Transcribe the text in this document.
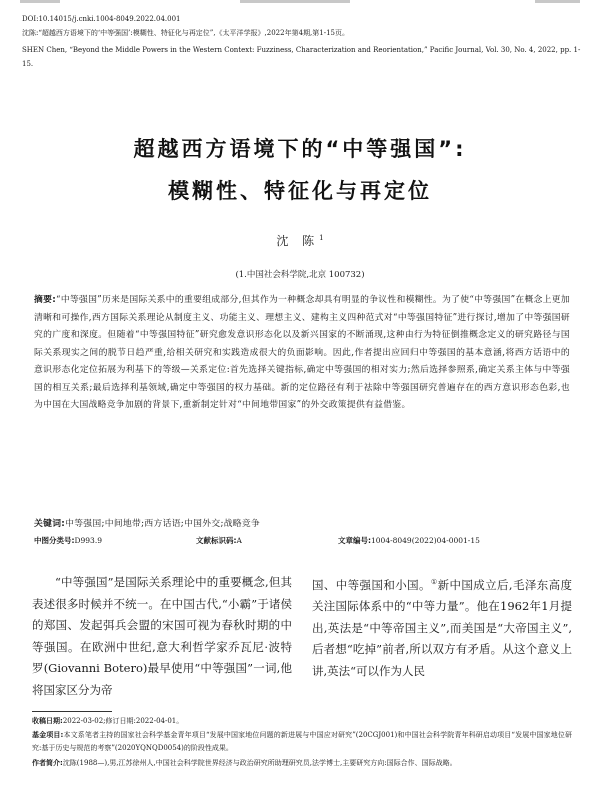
DOI:10.14015/j.cnki.1004-8049.2022.04.001
沈陈:“超越西方语境下的‘中等强国’:模糊性、特征化与再定位”,《太平洋学报》,2022年第4期,第1-15页。
SHEN Chen, “Beyond the Middle Powers in the Western Context: Fuzziness, Characterization and Reorientation,” Pacific Journal, Vol. 30, No. 4, 2022, pp. 1-15.
超越西方语境下的“中等强国”:
模糊性、特征化与再定位
沈 陈$^1$
(1.中国社会科学院,北京 100732)
摘要:“中等强国”历来是国际关系中的重要组成部分,但其作为一种概念却具有明显的争议性和模糊性。为了使“中等强国”在概念上更加清晰和可操作,西方国际关系理论从制度主义、功能主义、理想主义、建构主义四种范式对“中等强国特征”进行探讨,增加了中等强国研究的广度和深度。但随着“中等强国特征”研究愈发意识形态化以及新兴国家的不断涌现,这种由行为特征倒推概念定义的研究路径与国际关系现实之间的脱节日趋严重,给相关研究和实践造成很大的负面影响。因此,作者提出应回归中等强国的基本意涵,将西方话语中的意识形态化定位拓展为利基下的等级—关系定位:首先选择关键指标,确定中等强国的相对实力;然后选择参照系,确定关系主体与中等强国的相互关系;最后选择利基领域,确定中等强国的权力基础。新的定位路径有利于祛除中等强国研究普遍存在的西方意识形态色彩,也为中国在大国战略竞争加剧的背景下,重新制定针对“中间地带国家”的外交政策提供有益借鉴。
关键词:中等强国;中间地带;西方话语;中国外交;战略竞争
中图分类号:D993.9	文献标识码:A	文章编号:1004-8049(2022)04-0001-15

“中等强国”是国际关系理论中的重要概念,但其表述很多时候并不统一。在中国古代,“小霸”于诸侯的郑国、发起弭兵会盟的宋国可视为春秋时期的中等强国。在欧洲中世纪,意大利哲学家乔瓦尼·波特罗(Giovanni Botero)最早使用“中等强国”一词,他将国家区分为帝

国、中等强国和小国。①新中国成立后,毛泽东高度关注国际体系中的“中等力量”。他在1962年1月提出,英法是“中等帝国主义”,而美国是“大帝国主义”,后者想“吃掉”前者,所以双方有矛盾。从这个意义上讲,英法“可以作为人民

收稿日期:2022-03-02;修订日期:2022-04-01。
基金项目:本文系笔者主持的国家社会科学基金青年项目“发展中国家地位问题的新进展与中国应对研究”(20CGJ001)和中国社会科学院青年科研启动项目“发展中国家地位研究:基于历史与规范的考察”(2020YQNQD0054)的阶段性成果。
作者简介:沈陈(1988—),男,江苏徐州人,中国社会科学院世界经济与政治研究所助理研究员,法学博士,主要研究方向:国际合作、国际战略。
